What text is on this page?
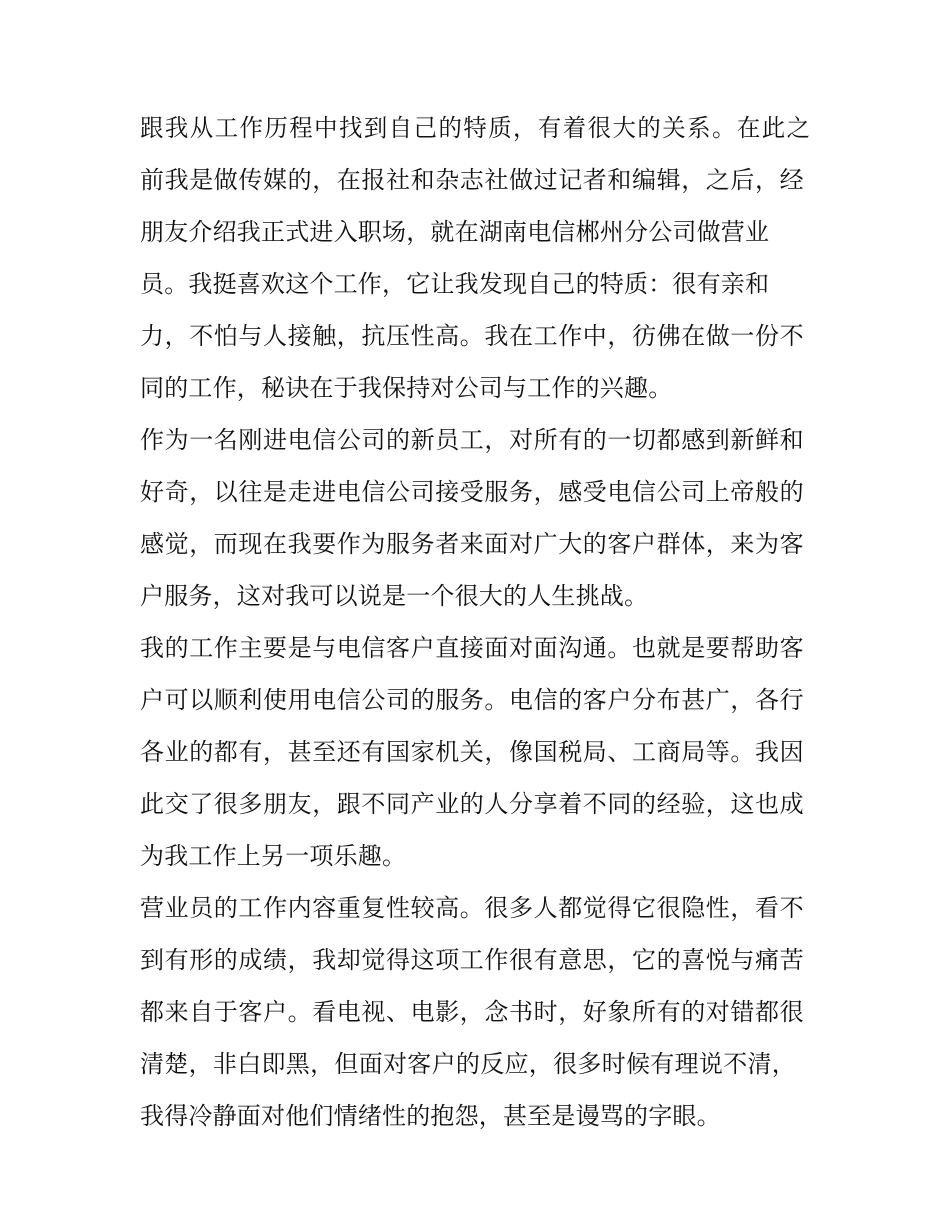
跟我从工作历程中找到自己的特质，有着很大的关系。在此之

前我是做传媒的，在报社和杂志社做过记者和编辑，之后，经

朋友介绍我正式进入职场，就在湖南电信郴州分公司做营业

员。我挺喜欢这个工作，它让我发现自己的特质：很有亲和

力，不怕与人接触，抗压性高。我在工作中，彷佛在做一份不

同的工作，秘诀在于我保持对公司与工作的兴趣。

作为一名刚进电信公司的新员工，对所有的一切都感到新鲜和

好奇，以往是走进电信公司接受服务，感受电信公司上帝般的

感觉，而现在我要作为服务者来面对广大的客户群体，来为客

户服务，这对我可以说是一个很大的人生挑战。

我的工作主要是与电信客户直接面对面沟通。也就是要帮助客

户可以顺利使用电信公司的服务。电信的客户分布甚广，各行

各业的都有，甚至还有国家机关，像国税局、工商局等。我因

此交了很多朋友，跟不同产业的人分享着不同的经验，这也成

为我工作上另一项乐趣。

营业员的工作内容重复性较高。很多人都觉得它很隐性，看不

到有形的成绩，我却觉得这项工作很有意思，它的喜悦与痛苦

都来自于客户。看电视、电影，念书时，好象所有的对错都很

清楚，非白即黑，但面对客户的反应，很多时候有理说不清，

我得冷静面对他们情绪性的抱怨，甚至是谩骂的字眼。
